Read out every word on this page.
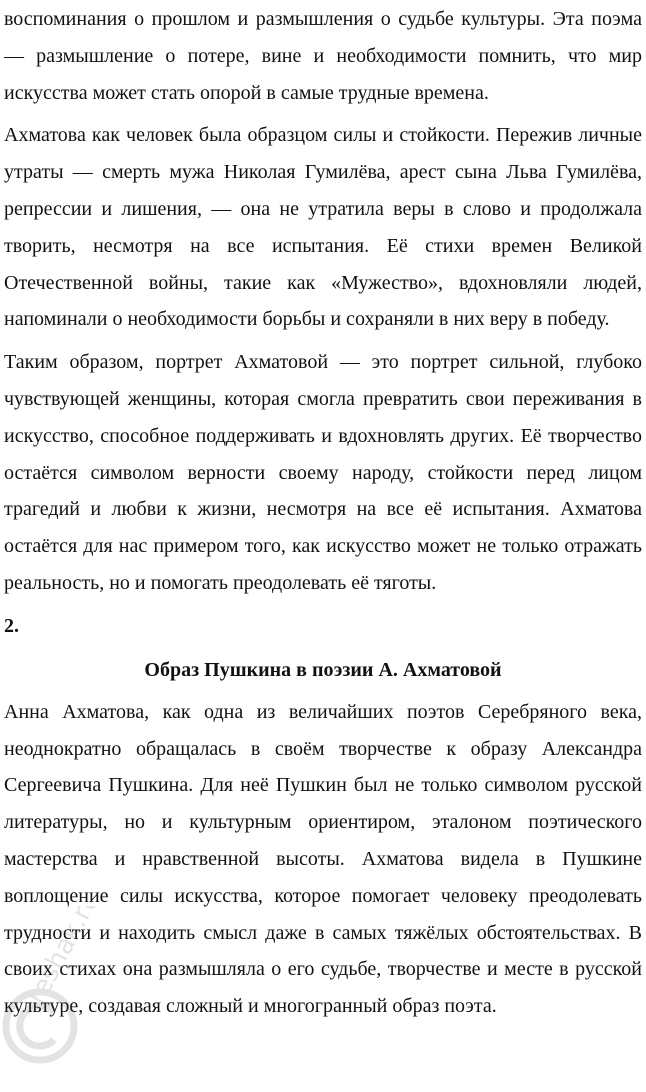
воспоминания о прошлом и размышления о судьбе культуры. Эта поэма — размышление о потере, вине и необходимости помнить, что мир искусства может стать опорой в самые трудные времена.

Ахматова как человек была образцом силы и стойкости. Пережив личные утраты — смерть мужа Николая Гумилёва, арест сына Льва Гумилёва, репрессии и лишения, — она не утратила веры в слово и продолжала творить, несмотря на все испытания. Её стихи времен Великой Отечественной войны, такие как «Мужество», вдохновляли людей, напоминали о необходимости борьбы и сохраняли в них веру в победу.

Таким образом, портрет Ахматовой — это портрет сильной, глубоко чувствующей женщины, которая смогла превратить свои переживания в искусство, способное поддерживать и вдохновлять других. Её творчество остаётся символом верности своему народу, стойкости перед лицом трагедий и любви к жизни, несмотря на все её испытания. Ахматова остаётся для нас примером того, как искусство может не только отражать реальность, но и помогать преодолевать её тяготы.

2.
Образ Пушкина в поэзии А. Ахматовой

Анна Ахматова, как одна из величайших поэтов Серебряного века, неоднократно обращалась в своём творчестве к образу Александра Сергеевича Пушкина. Для неё Пушкин был не только символом русской литературы, но и культурным ориентиром, эталоном поэтического мастерства и нравственной высоты. Ахматова видела в Пушкине воплощение силы искусства, которое помогает человеку преодолевать трудности и находить смысл даже в самых тяжёлых обстоятельствах. В своих стихах она размышляла о его судьбе, творчестве и месте в русской культуре, создавая сложный и многогранный образ поэта.

reshak.ru
